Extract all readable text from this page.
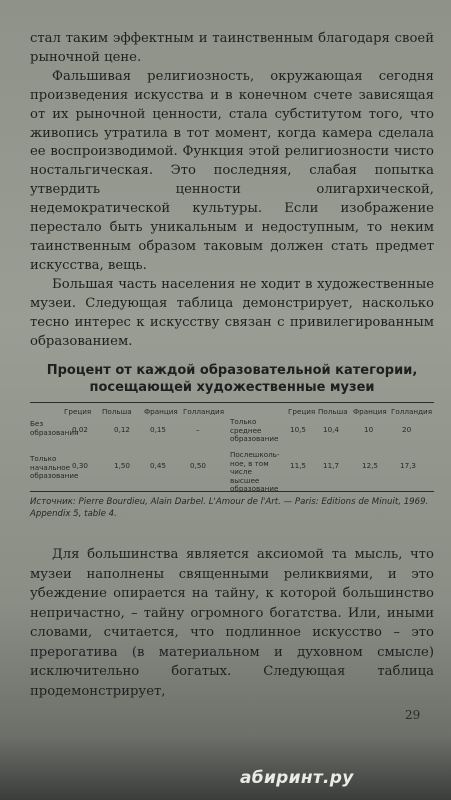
стал таким эффектным и таинственным благодаря своей рыночной цене.

Фальшивая религиозность, окружающая сегодня произведения искусства и в конечном счете зависящая от их рыночной ценности, стала субститутом того, что живопись утратила в тот момент, когда камера сделала ее воспроизводимой. Функция этой религиозности чисто ностальгическая. Это последняя, слабая попытка утвердить ценности олигархической, недемократической культуры. Если изображение перестало быть уникальным и недоступным, то неким таинственным образом таковым должен стать предмет искусства, вещь.

Большая часть населения не ходит в художественные музеи. Следующая таблица демонстрирует, насколько тесно интерес к искусству связан с привилегированным образованием.

Процент от каждой образовательной категории,
посещающей художественные музеи

Греция Польша Франция Голландия	Греция Польша Франция Голландия
Без образования
0,02	0,12	0,15	–
Только среднее образование
10,5 10,4	10	20
Только начальное образование
0,30	1,50	0,45	0,50
Послешколь-ное, в том числе высшее образование
11,5 11,7	12,5	17,3
Источник: Pierre Bourdieu, Alain Darbel. L'Amour de l'Art. — Paris: Editions de Minuit, 1969. Appendix 5, table 4.

Для большинства является аксиомой та мысль, что музеи наполнены священными реликвиями, и это убеждение опирается на тайну, к которой большинство непричастно, – тайну огромного богатства. Или, иными словами, считается, что подлинное искусство – это прерогатива (в материальном и духовном смысле) исключительно богатых. Следующая таблица продемонстрирует,

29
абиринт.ру
